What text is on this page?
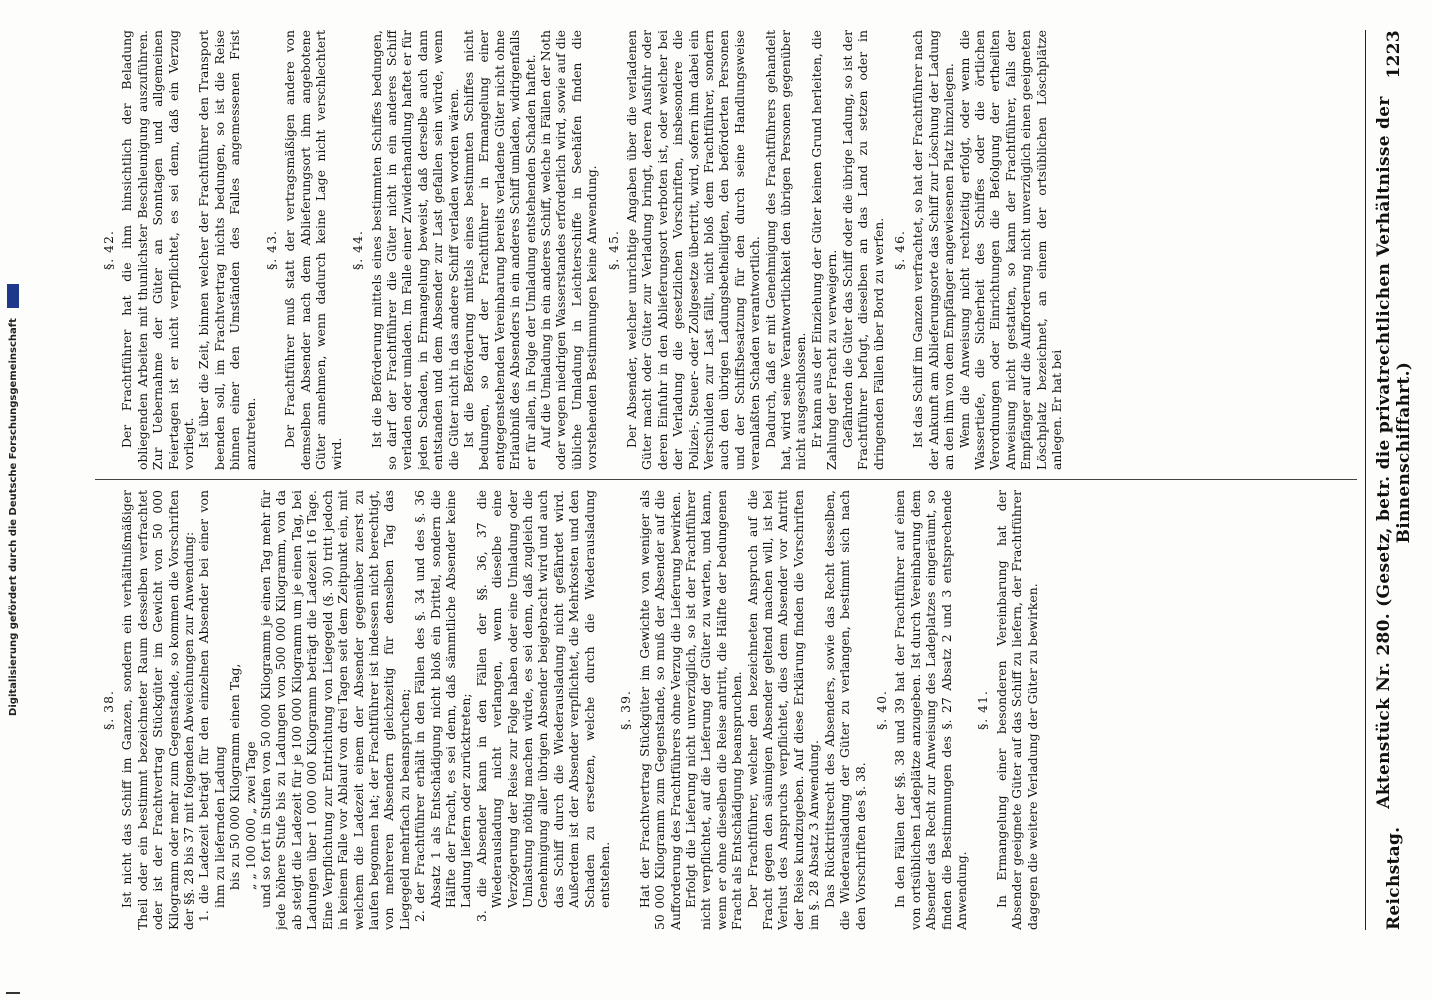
Reichstag.
Aktenstück Nr. 280. (Gesetz, betr. die privatrechtlichen Verhältnisse der Binnenschiffahrt.)
1223
§. 38. Ist nicht das Schiff im Ganzen, sondern ein verhältnißmäßiger Theil oder ein bestimmt bezeichneter Raum desselben verfrachtet oder ist der Frachtvertrag Stückgüter im Gewicht von 50 000 Kilogramm oder mehr zum Gegenstande, so kommen die Vorschriften der §§. 28 bis 37 mit folgenden Abweichungen zur Anwendung: 1. die Ladezeit beträgt für den einzelnen Absender bei einer von ihm zu liefernden Ladung bis zu 50 000 Kilogramm einen Tag, „ „ 100 000 „ zwei Tage und so fort in Stufen von 50 000 Kilogramm je einen Tag mehr für jede höhere Stufe bis zu Ladungen von 500 000 Kilogramm, von da ab steigt die Ladezeit für je 100 000 Kilogramm um je einen Tag, bei Ladungen über 1 000 000 Kilogramm beträgt die Ladezeit 16 Tage. Eine Verpflichtung zur Entrichtung von Liegegeld (§. 30) tritt jedoch in keinem Falle vor Ablauf von drei Tagen seit dem Zeitpunkt ein, mit welchem die Ladezeit einem der Absender gegenüber zuerst zu laufen begonnen hat; der Frachtführer ist indessen nicht berechtigt, von mehreren Absendern gleichzeitig für denselben Tag das Liegegeld mehrfach zu beanspruchen; 2. der Frachtführer erhält in den Fällen des §. 34 und des §. 36 Absatz 1 als Entschädigung nicht bloß ein Drittel, sondern die Hälfte der Fracht, es sei denn, daß sämmtliche Absender keine Ladung liefern oder zurücktreten; 3. die Absender kann in den Fällen der §§. 36, 37 die Wiederausladung nicht verlangen, wenn dieselbe eine Verzögerung der Reise zur Folge haben oder eine Umladung oder Umlastung nöthig machen würde, es sei denn, daß zugleich die Genehmigung aller übrigen Absender beigebracht wird und auch das Schiff durch die Wiederausladung nicht gefährdet wird. Außerdem ist der Absender verpflichtet, die Mehrkosten und den Schaden zu ersetzen, welche durch die Wiederausladung entstehen.

§. 39. Hat der Frachtvertrag Stückgüter im Gewichte von weniger als 50 000 Kilogramm zum Gegenstande, so muß der Absender auf die Aufforderung des Frachtführers ohne Verzug die Lieferung bewirken. Erfolgt die Lieferung nicht unverzüglich, so ist der Frachtführer nicht verpflichtet, auf die Lieferung der Güter zu warten, und kann, wenn er ohne dieselben die Reise antritt, die Hälfte der bedungenen Fracht als Entschädigung beanspruchen. Der Frachtführer, welcher den bezeichneten Anspruch auf die Fracht gegen den säumigen Absender geltend machen will, ist bei Verlust des Anspruchs verpflichtet, dies dem Absender vor Antritt der Reise kundzugeben. Auf diese Erklärung finden die Vorschriften im §. 28 Absatz 3 Anwendung. Das Rücktrittsrecht des Absenders, sowie das Recht desselben, die Wiederausladung der Güter zu verlangen, bestimmt sich nach den Vorschriften des §. 38.

§. 40. In den Fällen der §§. 38 und 39 hat der Frachtführer auf einen von ortsüblichen Ladeplätze anzugeben. Ist durch Vereinbarung dem Absender das Recht zur Anweisung des Ladeplatzes eingeräumt, so finden die Bestimmungen des §. 27 Absatz 2 und 3 entsprechende Anwendung.

§. 41. In Ermangelung einer besonderen Vereinbarung hat der Absender geeignete Güter auf das Schiff zu liefern, der Frachtführer dagegen die weitere Verladung der Güter zu bewirken.

§. 42. Der Frachtführer hat die ihm hinsichtlich der Beladung obliegenden Arbeiten mit thunlichster Beschleunigung auszuführen. Zur Uebernahme der Güter an Sonntagen und allgemeinen Feiertagen ist er nicht verpflichtet, es sei denn, daß ein Verzug vorliegt. Ist über die Zeit, binnen welcher der Frachtführer den Transport beenden soll, im Frachtvertrag nichts bedungen, so ist die Reise binnen einer den Umständen des Falles angemessenen Frist anzutreten.

§. 43. Der Frachtführer muß statt der vertragsmäßigen andere von demselben Absender nach dem Ablieferungsort ihm angebotene Güter annehmen, wenn dadurch keine Lage nicht verschlechtert wird.

§. 44. Ist die Beförderung mittels eines bestimmten Schiffes bedungen, so darf der Frachtführer die Güter nicht in ein anderes Schiff verladen oder umladen. Im Falle einer Zuwiderhandlung haftet er für jeden Schaden, in Ermangelung beweist, daß derselbe auch dann entstanden und dem Absender zur Last gefallen sein würde, wenn die Güter nicht in das andere Schiff verladen worden wären. Ist die Beförderung mittels eines bestimmten Schiffes nicht bedungen, so darf der Frachtführer in Ermangelung einer entgegenstehenden Vereinbarung bereits verladene Güter nicht ohne Erlaubniß des Absenders in ein anderes Schiff umladen, widrigenfalls er für allen, in Folge der Umladung entstehenden Schaden haftet. Auf die Umladung in ein anderes Schiff, welche in Fällen der Noth oder wegen niedrigen Wasserstandes erforderlich wird, sowie auf die übliche Umladung in Leichterschiffe in Seehäfen finden die vorstehenden Bestimmungen keine Anwendung. §. 45. Der Absender, welcher unrichtige Angaben über die verladenen Güter macht oder Güter zur Verladung bringt, deren Ausfuhr oder deren Einfuhr in den Ablieferungsort verboten ist, oder welcher bei der Verladung die gesetzlichen Vorschriften, insbesondere die Polizei-, Steuer- oder Zollgesetze übertritt, wird, sofern ihm dabei ein Verschulden zur Last fällt, nicht bloß dem Frachtführer, sondern auch den übrigen Ladungsbetheiligten, den beförderten Personen und der Schiffsbesatzung für den durch seine Handlungsweise veranlaßten Schaden verantwortlich. Dadurch, daß er mit Genehmigung des Frachtführers gehandelt hat, wird seine Verantwortlichkeit den übrigen Personen gegenüber nicht ausgeschlossen. Er kann aus der Einziehung der Güter keinen Grund herleiten, die Zahlung der Fracht zu verweigern. Gefährden die Güter das Schiff oder die übrige Ladung, so ist der Frachtführer befugt, dieselben an das Land zu setzen oder in dringenden Fällen über Bord zu werfen. §. 46. Ist das Schiff im Ganzen verfrachtet, so hat der Frachtführer nach der Ankunft am Ablieferungsorte das Schiff zur Löschung der Ladung an den ihm von dem Empfänger angewiesenen Platz hinzulegen. Wenn die Anweisung nicht rechtzeitig erfolgt, oder wenn die Wassertiefe, die Sicherheit des Schiffes oder die örtlichen Verordnungen oder Einrichtungen die Befolgung der ertheilten Anweisung nicht gestatten, so kann der Frachtführer, falls der Empfänger auf die Aufforderung nicht unverzüglich einen geeigneten Löschplatz bezeichnet, an einem der ortsüblichen Löschplätze anlegen. Er hat bei

Digitalisierung gefördert durch die Deutsche Forschungsgemeinschaft
